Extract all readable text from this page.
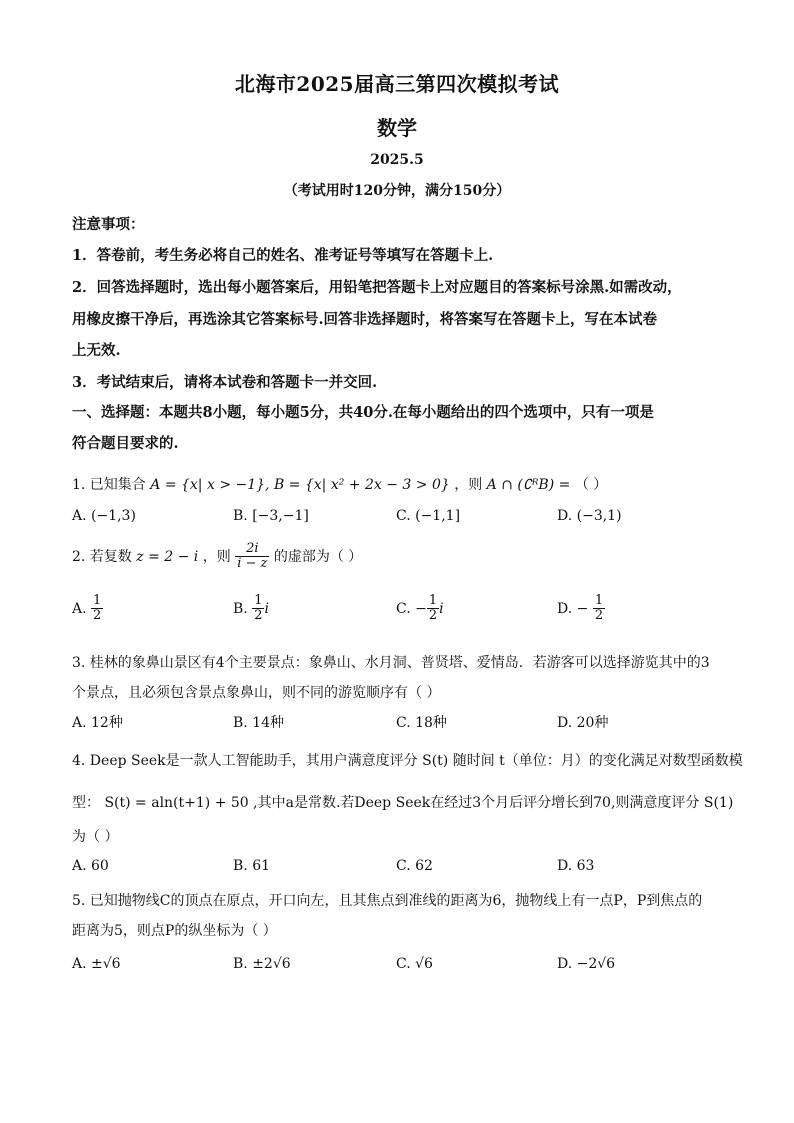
北海市2025届高三第四次模拟考试
数学
2025.5
（考试用时120分钟，满分150分）
注意事项：
1．答卷前，考生务必将自己的姓名、准考证号等填写在答题卡上.
2．回答选择题时，选出每小题答案后，用铅笔把答题卡上对应题目的答案标号涂黑.如需改动，
用橡皮擦干净后，再选涂其它答案标号.回答非选择题时，将答案写在答题卡上，写在本试卷
上无效.
3．考试结束后，请将本试卷和答题卡一并交回.
一、选择题：本题共8小题，每小题5分，共40分.在每小题给出的四个选项中，只有一项是
符合题目要求的.
1. 已知集合 A = {x| x > −1}, B = {x| x² + 2x − 3 > 0} ，则 A ∩ (∁ᴿB) = （ ）
A. (−1,3)	B. [−3,−1]	C. (−1,1]	D. (−3,1)
2. 若复数 z = 2 − i ，则 $\frac{2i}{i - z}$ 的虚部为（ ）
A. $\frac{1}{2}$	B. $\frac{1}{2}$ i	C. − $\frac{1}{2}$ i	D. − $\frac{1}{2}$
3. 桂林的象鼻山景区有4个主要景点：象鼻山、水月洞、普贤塔、爱情岛．若游客可以选择游览其中的3
个景点，且必须包含景点象鼻山，则不同的游览顺序有（ ）
A. 12种	B. 14种	C. 18种	D. 20种
4. Deep Seek是一款人工智能助手，其用户满意度评分 S(t) 随时间 t（单位：月）的变化满足对数型函数模
型： S(t) = aln(t+1) + 50 ,其中a是常数.若Deep Seek在经过3个月后评分增长到70,则满意度评分 S(1)
为（ ）
A. 60	B. 61	C. 62	D. 63
5. 已知抛物线C的顶点在原点，开口向左，且其焦点到准线的距离为6，抛物线上有一点P，P到焦点的
距离为5，则点P的纵坐标为（ ）
A. ±√6	B. ±2√6	C. √6	D. −2√6
